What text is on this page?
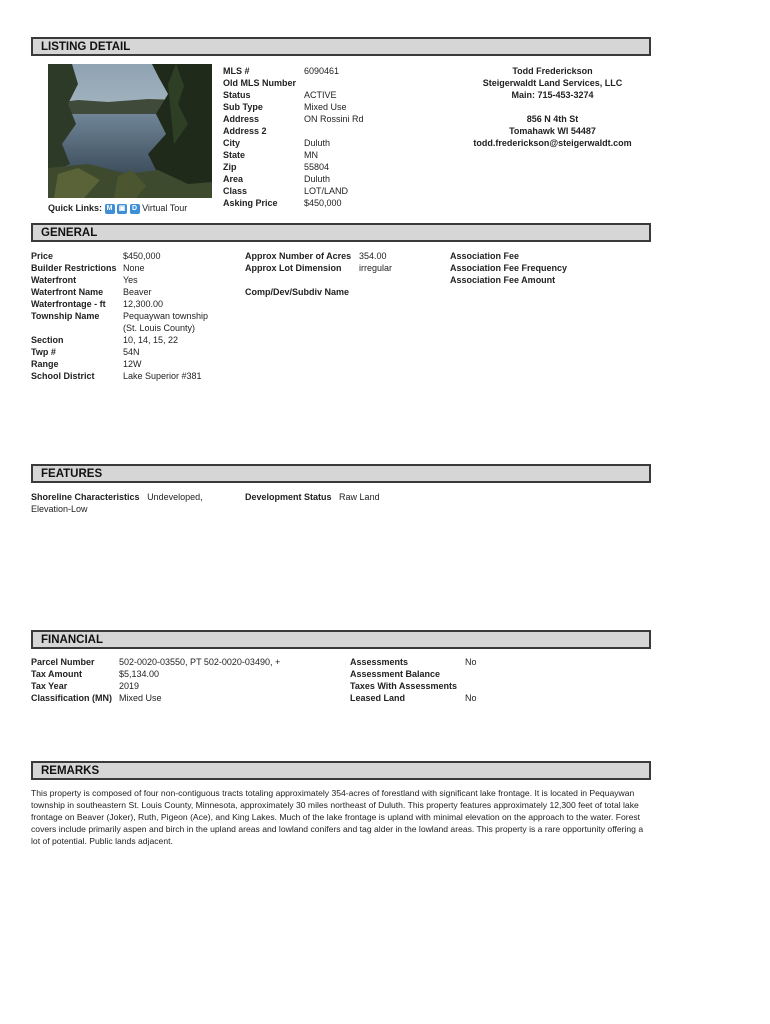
LISTING DETAIL
Quick Links: M ▣ D Virtual Tour
MLS #	6090461
Old MLS Number
Status	ACTIVE
Sub Type	Mixed Use
Address	ON Rossini Rd
Address 2
City	Duluth
State	MN
Zip	55804
Area	Duluth
Class	LOT/LAND
Asking Price	$450,000
Todd Frederickson
Steigerwaldt Land Services, LLC
Main: 715-453-3274
856 N 4th St
Tomahawk WI 54487
todd.frederickson@steigerwaldt.com
GENERAL
Price	$450,000
Builder Restrictions None
Waterfront	Yes
Waterfront Name Beaver
Waterfrontage - ft 12,300.00
Township Name	Pequaywan township
(St. Louis County)
Section	10, 14, 15, 22
Twp #	54N
Range	12W
School District	Lake Superior #381
Approx Number of Acres 354.00
Approx Lot Dimension irregular
Comp/Dev/Subdiv Name
Association Fee
Association Fee Frequency
Association Fee Amount
FEATURES
Shoreline Characteristics Undeveloped,
Elevation-Low
Development Status Raw Land
FINANCIAL
Parcel Number	502-0020-03550, PT 502-0020-03490, +
Tax Amount	$5,134.00
Tax Year	2019
Classification (MN) Mixed Use
Assessments	No
Assessment Balance
Taxes With Assessments
Leased Land	No
REMARKS
This property is composed of four non-contiguous tracts totaling approximately 354-acres of forestland with significant lake frontage. It is located in Pequaywan township in southeastern St. Louis County, Minnesota, approximately 30 miles northeast of Duluth. This property features approximately 12,300 feet of total lake frontage on Beaver (Joker), Ruth, Pigeon (Ace), and King Lakes. Much of the lake frontage is upland with minimal elevation on the approach to the water. Forest covers include primarily aspen and birch in the upland areas and lowland conifers and tag alder in the lowland areas. This property is a rare opportunity offering a lot of potential. Public lands adjacent.
